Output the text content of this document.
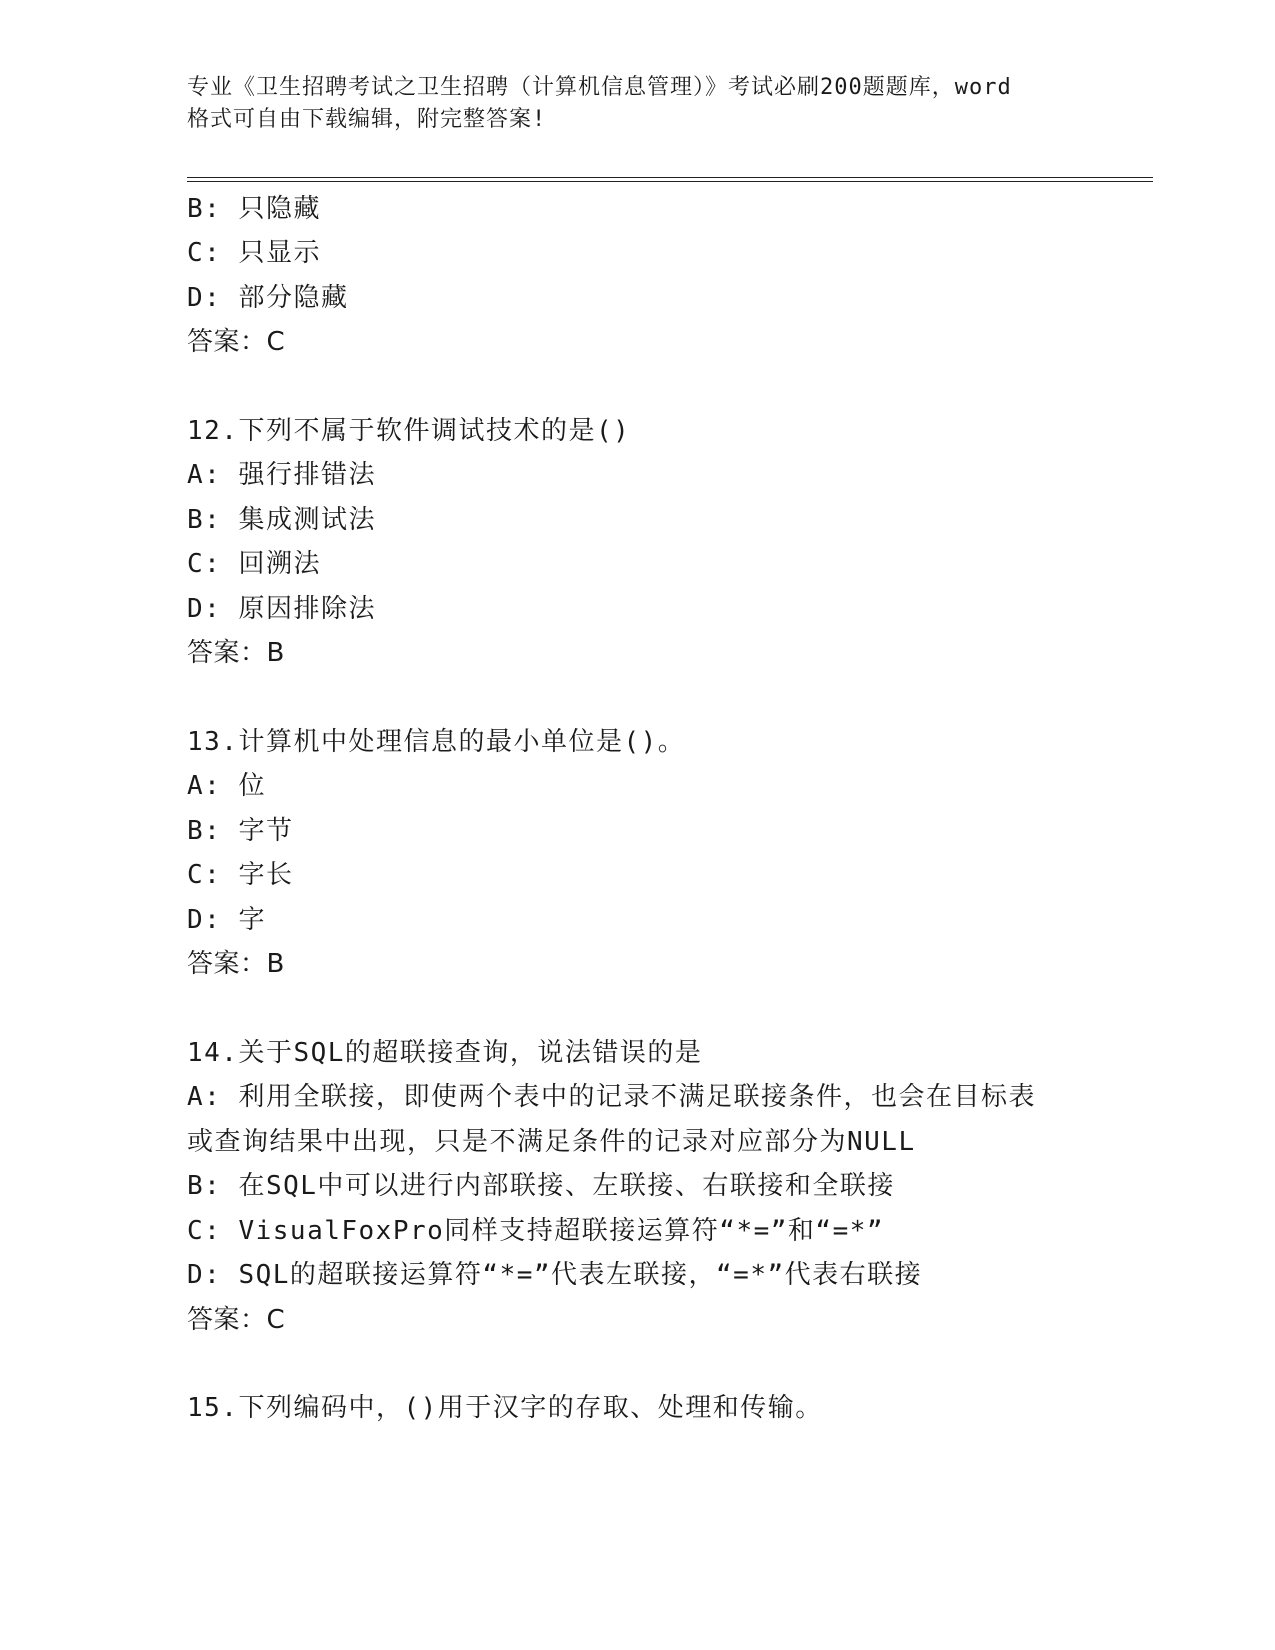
专业《卫生招聘考试之卫生招聘（计算机信息管理）》考试必刷200题题库，word
格式可自由下载编辑，附完整答案!
B: 只隐藏
C: 只显示
D: 部分隐藏
答案：C
12.下列不属于软件调试技术的是()
A: 强行排错法
B: 集成测试法
C: 回溯法
D: 原因排除法
答案：B
13.计算机中处理信息的最小单位是()。
A: 位
B: 字节
C: 字长
D: 字
答案：B
14.关于SQL的超联接查询，说法错误的是
A: 利用全联接，即使两个表中的记录不满足联接条件，也会在目标表
或查询结果中出现，只是不满足条件的记录对应部分为NULL
B: 在SQL中可以进行内部联接、左联接、右联接和全联接
C: VisualFoxPro同样支持超联接运算符“*=”和“=*”
D: SQL的超联接运算符“*=”代表左联接，“=*”代表右联接
答案：C
15.下列编码中，()用于汉字的存取、处理和传输。
